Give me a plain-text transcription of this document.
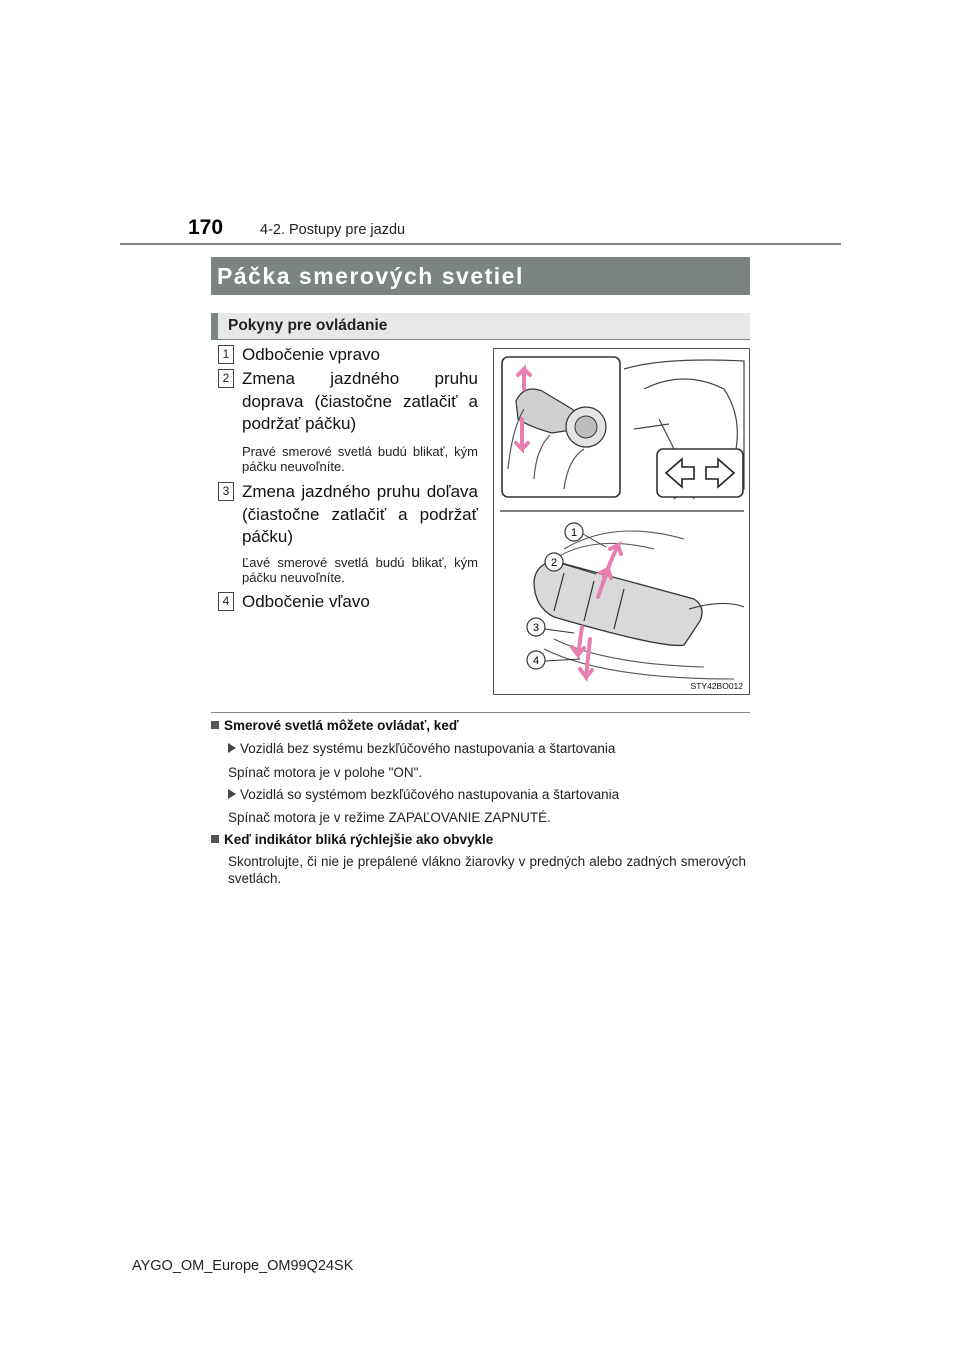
170	4-2. Postupy pre jazdu
Páčka smerových svetiel
Pokyny pre ovládanie
1 Odbočenie vpravo
2 Zmena jazdného pruhu doprava (čiastočne zatlačiť a podržať páčku)
Pravé smerové svetlá budú blikať, kým páčku neuvoľníte.
3 Zmena jazdného pruhu doľava (čiastočne zatlačiť a podržať páčku)
Ľavé smerové svetlá budú blikať, kým páčku neuvoľníte.
4 Odbočenie vľavo
1
2
3
4
STY42BO012
Smerové svetlá môžete ovládať, keď
Vozidlá bez systému bezkľúčového nastupovania a štartovania
Spínač motora je v polohe "ON".
Vozidlá so systémom bezkľúčového nastupovania a štartovania
Spínač motora je v režime ZAPAĽOVANIE ZAPNUTÉ.
Keď indikátor bliká rýchlejšie ako obvykle
Skontrolujte, či nie je prepálené vlákno žiarovky v predných alebo zadných smerových svetlách.
AYGO_OM_Europe_OM99Q24SK
